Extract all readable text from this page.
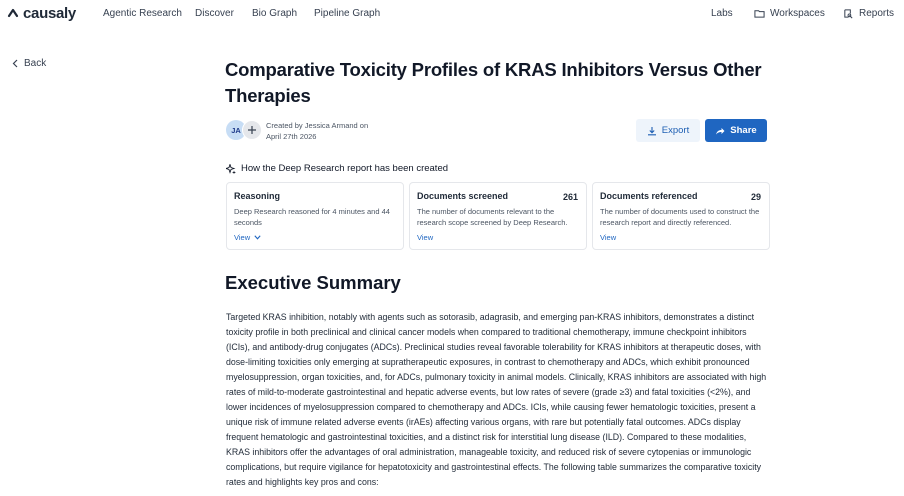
causaly	Agentic Research Discover Bio Graph Pipeline Graph	Labs	Workspaces	Reports
Back	Comparative Toxicity Profiles of KRAS Inhibitors Versus Other Therapies
JA	Created by Jessica Armand on
April 27th 2026
Export	Share
How the Deep Research report has been created
Reasoning
Deep Research reasoned for 4 minutes and 44 seconds
View
Documents screened	261
The number of documents relevant to the research scope screened by Deep Research.
View
Documents referenced	29
The number of documents used to construct the research report and directly referenced.
View
Executive Summary

Targeted KRAS inhibition, notably with agents such as sotorasib, adagrasib, and emerging pan-KRAS inhibitors, demonstrates a distinct toxicity profile in both preclinical and clinical cancer models when compared to traditional chemotherapy, immune checkpoint inhibitors (ICIs), and antibody-drug conjugates (ADCs). Preclinical studies reveal favorable tolerability for KRAS inhibitors at therapeutic doses, with dose-limiting toxicities only emerging at supratherapeutic exposures, in contrast to chemotherapy and ADCs, which exhibit pronounced myelosuppression, organ toxicities, and, for ADCs, pulmonary toxicity in animal models. Clinically, KRAS inhibitors are associated with high rates of mild-to-moderate gastrointestinal and hepatic adverse events, but low rates of severe (grade ≥3) and fatal toxicities (<2%), and lower incidences of myelosuppression compared to chemotherapy and ADCs. ICIs, while causing fewer hematologic toxicities, present a unique risk of immune related adverse events (irAEs) affecting various organs, with rare but potentially fatal outcomes. ADCs display frequent hematologic and gastrointestinal toxicities, and a distinct risk for interstitial lung disease (ILD). Compared to these modalities, KRAS inhibitors offer the advantages of oral administration, manageable toxicity, and reduced risk of severe cytopenias or immunologic complications, but require vigilance for hepatotoxicity and gastrointestinal effects. The following table summarizes the comparative toxicity rates and highlights key pros and cons:
